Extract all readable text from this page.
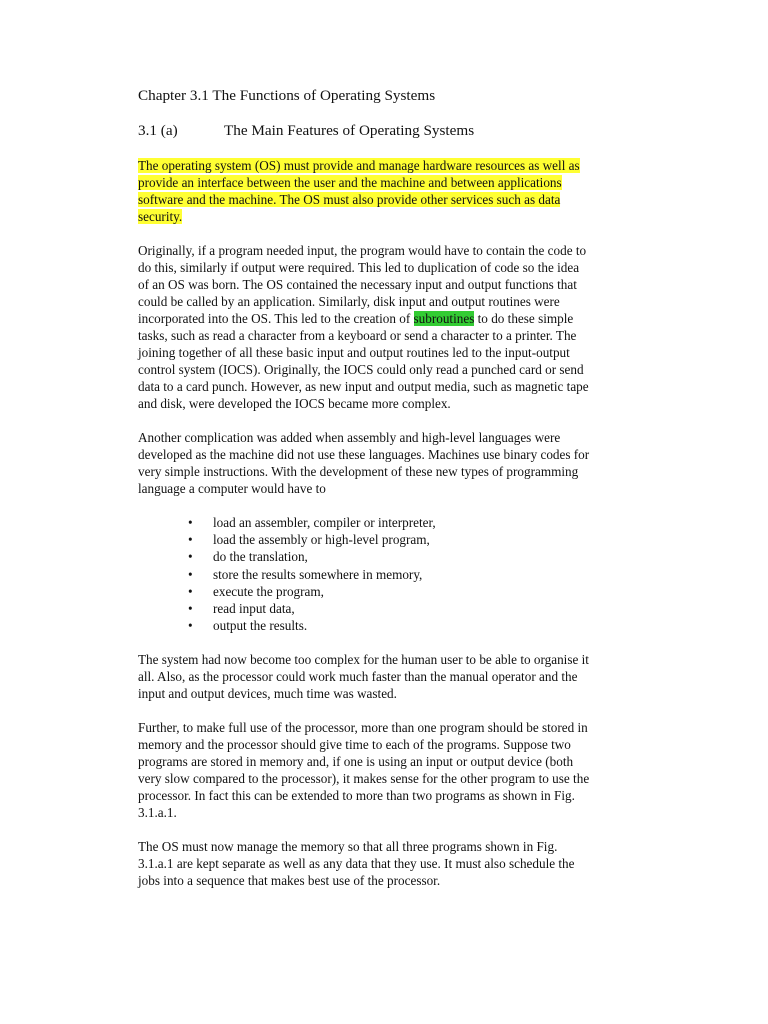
Chapter 3.1 The Functions of Operating Systems
3.1 (a)	The Main Features of Operating Systems

The operating system (OS) must provide and manage hardware resources as well as
provide an interface between the user and the machine and between applications
software and the machine. The OS must also provide other services such as data
security.

Originally, if a program needed input, the program would have to contain the code to
do this, similarly if output were required. This led to duplication of code so the idea
of an OS was born. The OS contained the necessary input and output functions that
could be called by an application. Similarly, disk input and output routines were
incorporated into the OS. This led to the creation of subroutines to do these simple
tasks, such as read a character from a keyboard or send a character to a printer. The
joining together of all these basic input and output routines led to the input-output
control system (IOCS). Originally, the IOCS could only read a punched card or send
data to a card punch. However, as new input and output media, such as magnetic tape
and disk, were developed the IOCS became more complex.

Another complication was added when assembly and high-level languages were
developed as the machine did not use these languages. Machines use binary codes for
very simple instructions. With the development of these new types of programming
language a computer would have to

• load an assembler, compiler or interpreter,
• load the assembly or high-level program,
• do the translation,
• store the results somewhere in memory,
• execute the program,
• read input data,
• output the results.

The system had now become too complex for the human user to be able to organise it
all. Also, as the processor could work much faster than the manual operator and the
input and output devices, much time was wasted.

Further, to make full use of the processor, more than one program should be stored in
memory and the processor should give time to each of the programs. Suppose two
programs are stored in memory and, if one is using an input or output device (both
very slow compared to the processor), it makes sense for the other program to use the
processor. In fact this can be extended to more than two programs as shown in Fig.
3.1.a.1.

The OS must now manage the memory so that all three programs shown in Fig.
3.1.a.1 are kept separate as well as any data that they use. It must also schedule the
jobs into a sequence that makes best use of the processor.
